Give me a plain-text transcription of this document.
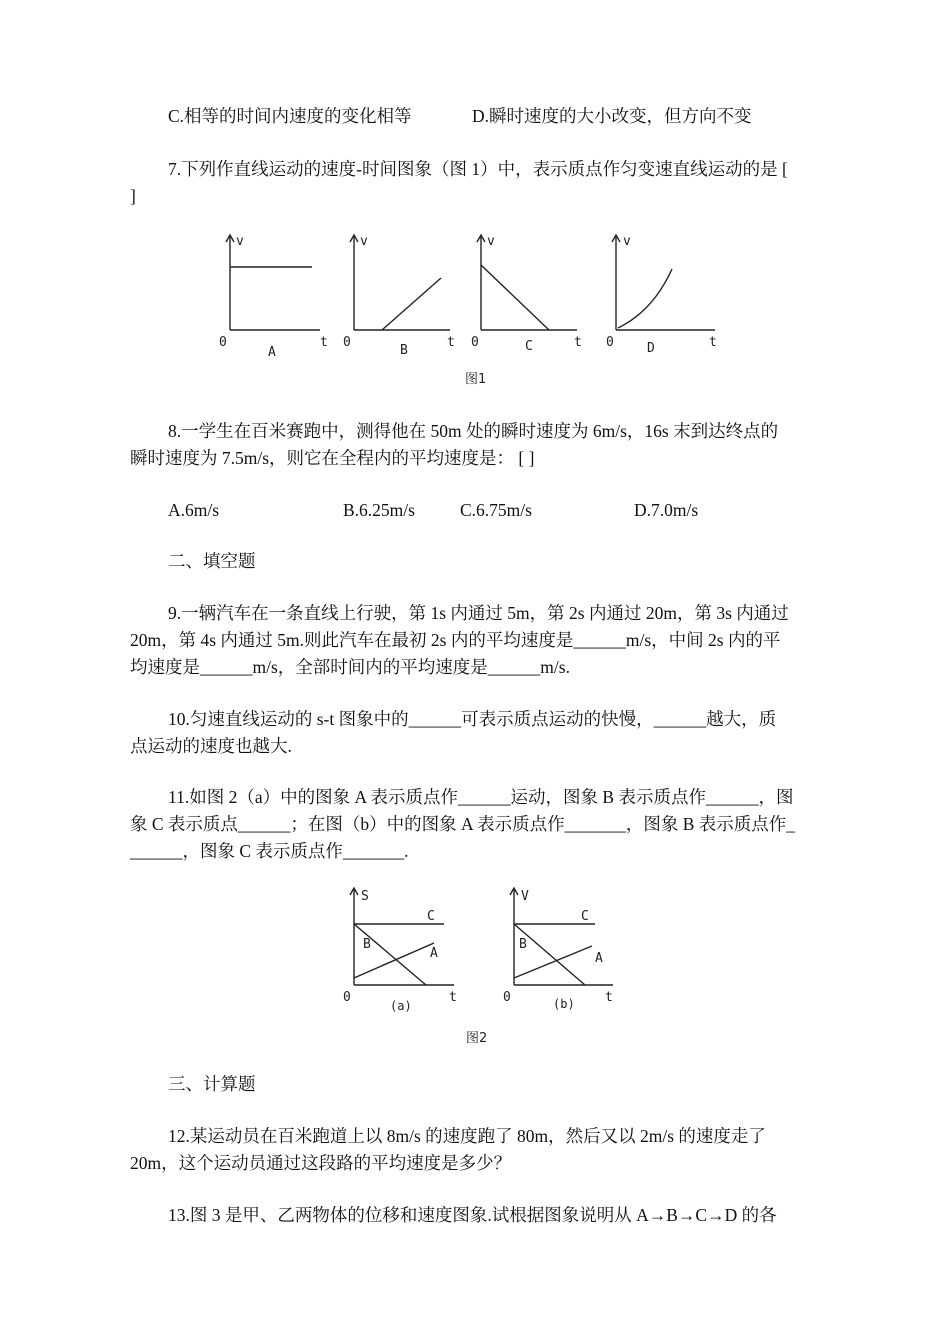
C.相等的时间内速度的变化相等	D.瞬时速度的大小改变，但方向不变
7.下列作直线运动的速度-时间图象（图 1）中，表示质点作匀变速直线运动的是 [
]
v
0	t
A
v
0	t
B
v
0	t
C
v
0	t
D
图1
8.一学生在百米赛跑中，测得他在 50m 处的瞬时速度为 6m/s，16s 末到达终点的
瞬时速度为 7.5m/s，则它在全程内的平均速度是： [ ]
A.6m/s	B.6.25m/s	C.6.75m/s	D.7.0m/s
二、填空题
9.一辆汽车在一条直线上行驶，第 1s 内通过 5m，第 2s 内通过 20m，第 3s 内通过
20m，第 4s 内通过 5m.则此汽车在最初 2s 内的平均速度是______m/s，中间 2s 内的平
均速度是______m/s，全部时间内的平均速度是______m/s.
10.匀速直线运动的 s-t 图象中的______可表示质点运动的快慢，______越大，质
点运动的速度也越大.
11.如图 2（a）中的图象 A 表示质点作______运动，图象 B 表示质点作______，图
象 C 表示质点______；在图（b）中的图象 A 表示质点作_______，图象 B 表示质点作_
______，图象 C 表示质点作_______.
S
0	t
C
B
A
(a)
V
0	t
C
B
A
(b)
图2
三、计算题
12.某运动员在百米跑道上以 8m/s 的速度跑了 80m，然后又以 2m/s 的速度走了
20m，这个运动员通过这段路的平均速度是多少？
13.图 3 是甲、乙两物体的位移和速度图象.试根据图象说明从 A→B→C→D 的各
